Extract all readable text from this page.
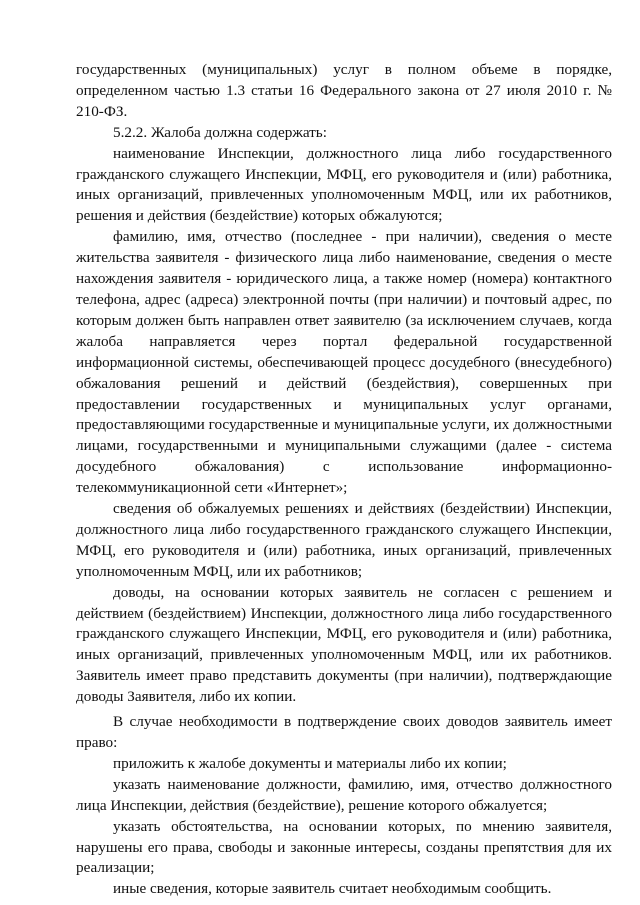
государственных (муниципальных) услуг в полном объеме в порядке, определенном частью 1.3 статьи 16 Федерального закона от 27 июля 2010 г. № 210-ФЗ.

5.2.2. Жалоба должна содержать:

наименование Инспекции, должностного лица либо государственного гражданского служащего Инспекции, МФЦ, его руководителя и (или) работника, иных организаций, привлеченных уполномоченным МФЦ, или их работников, решения и действия (бездействие) которых обжалуются;

фамилию, имя, отчество (последнее - при наличии), сведения о месте жительства заявителя - физического лица либо наименование, сведения о месте нахождения заявителя - юридического лица, а также номер (номера) контактного телефона, адрес (адреса) электронной почты (при наличии) и почтовый адрес, по которым должен быть направлен ответ заявителю (за исключением случаев, когда жалоба направляется через портал федеральной государственной информационной системы, обеспечивающей процесс досудебного (внесудебного) обжалования решений и действий (бездействия), совершенных при предоставлении государственных и муниципальных услуг органами, предоставляющими государственные и муниципальные услуги, их должностными лицами, государственными и муниципальными служащими (далее - система досудебного обжалования) с использование информационно-телекоммуникационной сети «Интернет»;

сведения об обжалуемых решениях и действиях (бездействии) Инспекции, должностного лица либо государственного гражданского служащего Инспекции, МФЦ, его руководителя и (или) работника, иных организаций, привлеченных уполномоченным МФЦ, или их работников;

доводы, на основании которых заявитель не согласен с решением и действием (бездействием) Инспекции, должностного лица либо государственного гражданского служащего Инспекции, МФЦ, его руководителя и (или) работника, иных организаций, привлеченных уполномоченным МФЦ, или их работников. Заявитель имеет право представить документы (при наличии), подтверждающие доводы Заявителя, либо их копии.

В случае необходимости в подтверждение своих доводов заявитель имеет право:

приложить к жалобе документы и материалы либо их копии;

указать наименование должности, фамилию, имя, отчество должностного лица Инспекции, действия (бездействие), решение которого обжалуется;

указать обстоятельства, на основании которых, по мнению заявителя, нарушены его права, свободы и законные интересы, созданы препятствия для их реализации;

иные сведения, которые заявитель считает необходимым сообщить.
